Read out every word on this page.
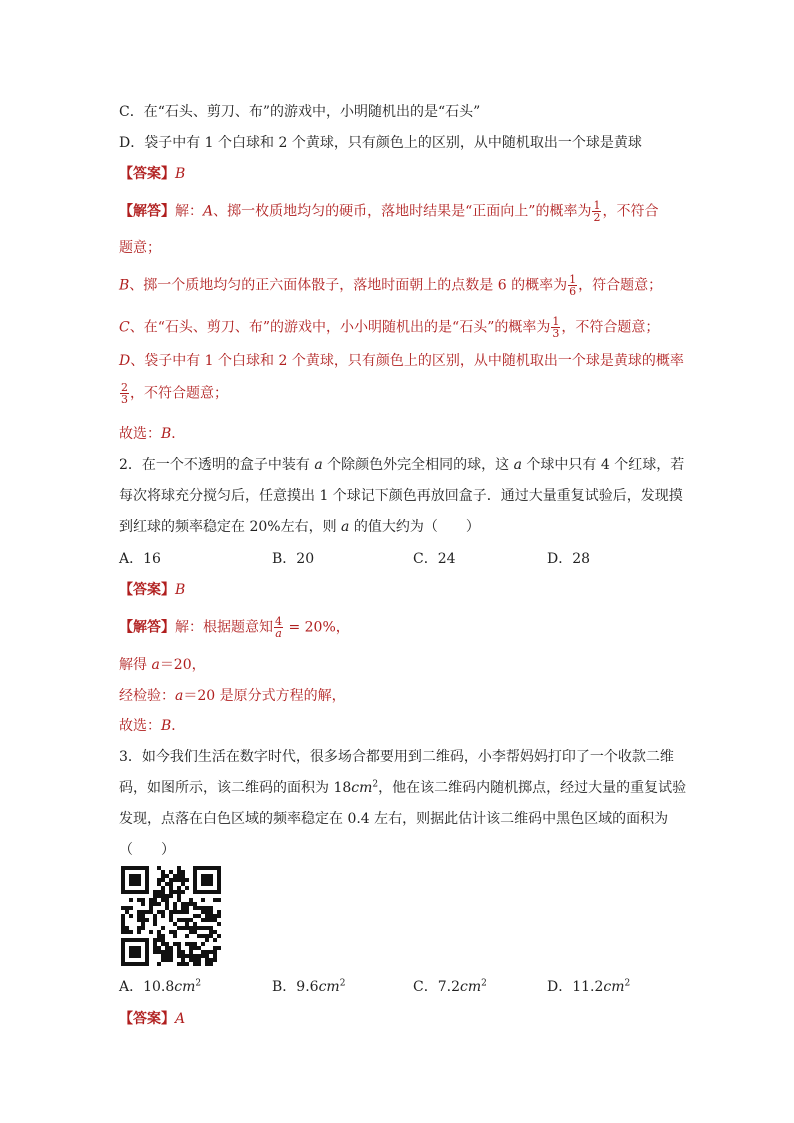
C．在“石头、剪刀、布”的游戏中，小明随机出的是“石头”
D．袋子中有 1 个白球和 2 个黄球，只有颜色上的区别，从中随机取出一个球是黄球
【答案】B
【解答】解：A、掷一枚质地均匀的硬币，落地时结果是“正面向上”的概率为 $\frac{1}{2}$ ，不符合
题意；
B、掷一个质地均匀的正六面体骰子，落地时面朝上的点数是 6 的概率为 $\frac{1}{6}$ ，符合题意；
C、在“石头、剪刀、布”的游戏中，小小明随机出的是“石头”的概率为 $\frac{1}{3}$ ，不符合题意；
D、袋子中有 1 个白球和 2 个黄球，只有颜色上的区别，从中随机取出一个球是黄球的概率
$\frac{2}{3}$ ，不符合题意；
故选：B．
2．在一个不透明的盒子中装有 a 个除颜色外完全相同的球，这 a 个球中只有 4 个红球，若
每次将球充分搅匀后，任意摸出 1 个球记下颜色再放回盒子．通过大量重复试验后，发现摸
到红球的频率稳定在 20%左右，则 a 的值大约为（　　）
A．16	B．20	C．24	D．28
【答案】B
【解答】解：根据题意知 $\frac{4}{a} = 20\%$，
解得 a＝20，
经检验：a＝20 是原分式方程的解，
故选：B．
3．如今我们生活在数字时代，很多场合都要用到二维码，小李帮妈妈打印了一个收款二维
码，如图所示，该二维码的面积为 $18cm^2$，他在该二维码内随机掷点，经过大量的重复试验
发现，点落在白色区域的频率稳定在 0.4 左右，则据此估计该二维码中黑色区域的面积为
（　　）
A．$10.8cm^2$	B．$9.6cm^2$	C．$7.2cm^2$	D．$11.2cm^2$
【答案】A
